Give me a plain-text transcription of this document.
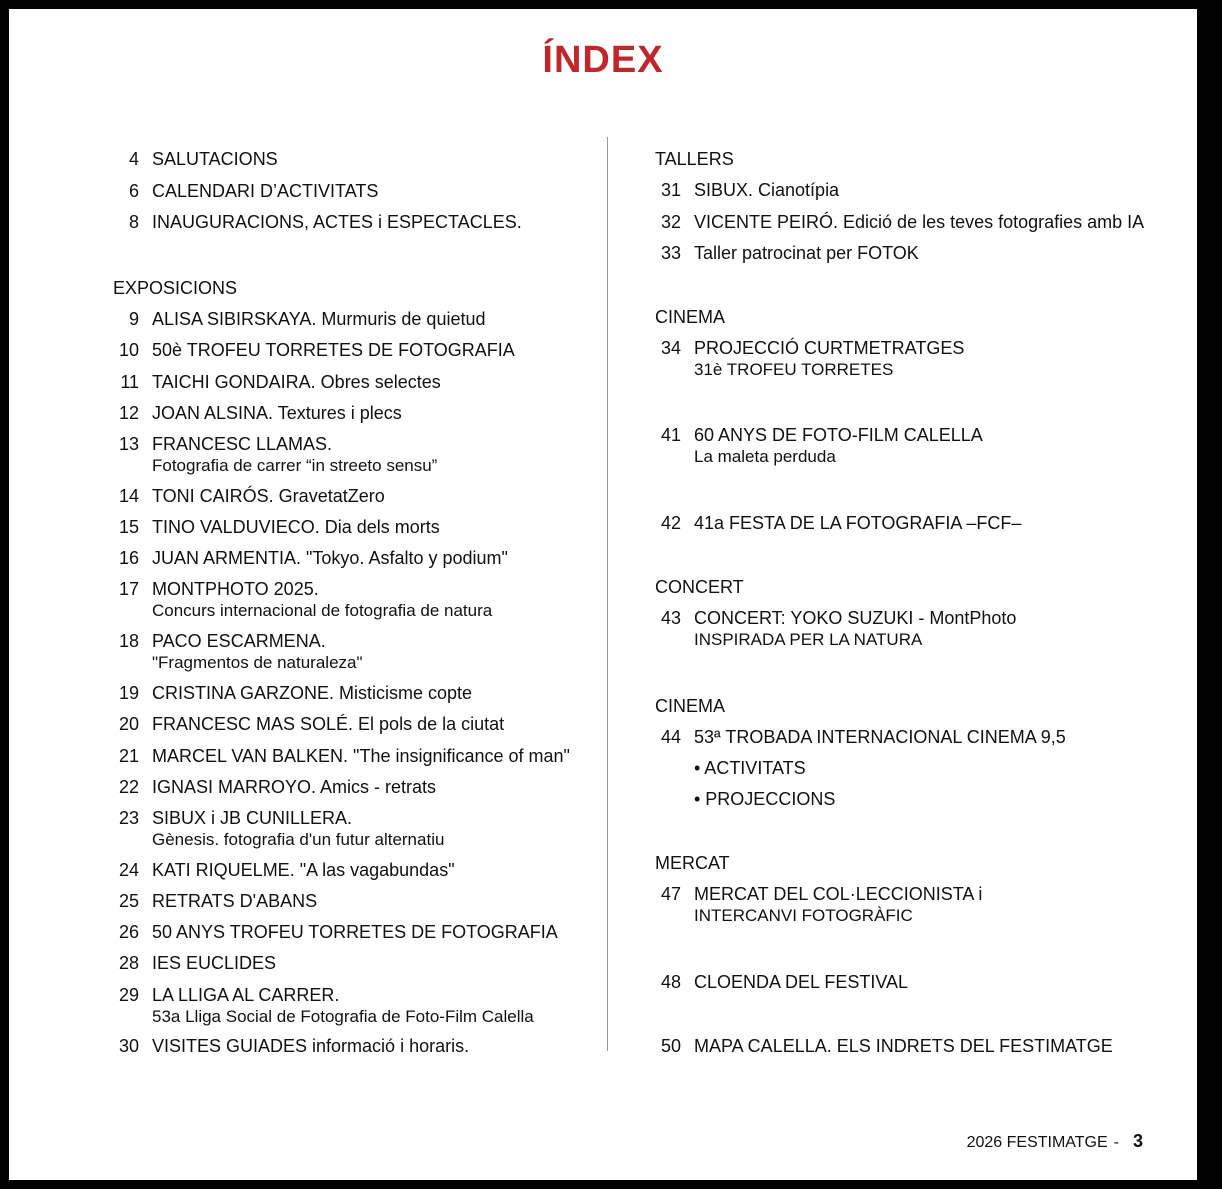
ÍNDEX
4 SALUTACIONS
6 CALENDARI D’ACTIVITATS
8 INAUGURACIONS, ACTES i ESPECTACLES.
EXPOSICIONS
9 ALISA SIBIRSKAYA. Murmuris de quietud
10 50è TROFEU TORRETES DE FOTOGRAFIA
11 TAICHI GONDAIRA. Obres selectes
12 JOAN ALSINA. Textures i plecs
13 FRANCESC LLAMAS.
Fotografia de carrer “in streeto sensu”
14 TONI CAIRÓS. GravetatZero
15 TINO VALDUVIECO. Dia dels morts
16 JUAN ARMENTIA. "Tokyo. Asfalto y podium"
17 MONTPHOTO 2025.
Concurs internacional de fotografia de natura
18 PACO ESCARMENA.
"Fragmentos de naturaleza"
19 CRISTINA GARZONE. Misticisme copte
20 FRANCESC MAS SOLÉ. El pols de la ciutat
21 MARCEL VAN BALKEN. "The insignificance of man"
22 IGNASI MARROYO. Amics - retrats
23 SIBUX i JB CUNILLERA.
Gènesis. fotografia d'un futur alternatiu
24 KATI RIQUELME. "A las vagabundas"
25 RETRATS D'ABANS
26 50 ANYS TROFEU TORRETES DE FOTOGRAFIA
28 IES EUCLIDES
29 LA LLIGA AL CARRER.
53a Lliga Social de Fotografia de Foto-Film Calella
30 VISITES GUIADES informació i horaris.
TALLERS
31 SIBUX. Cianotípia
32 VICENTE PEIRÓ. Edició de les teves fotografies amb IA
33 Taller patrocinat per FOTOK
CINEMA
34 PROJECCIÓ CURTMETRATGES
31è TROFEU TORRETES
41 60 ANYS DE FOTO-FILM CALELLA
La maleta perduda
42 41a FESTA DE LA FOTOGRAFIA –FCF–
CONCERT
43 CONCERT: YOKO SUZUKI - MontPhoto
INSPIRADA PER LA NATURA
CINEMA
44 53ª TROBADA INTERNACIONAL CINEMA 9,5
• ACTIVITATS
• PROJECCIONS
MERCAT
47 MERCAT DEL COL·LECCIONISTA i
INTERCANVI FOTOGRÀFIC
48 CLOENDA DEL FESTIVAL
50 MAPA CALELLA. ELS INDRETS DEL FESTIMATGE
2026 FESTIMATGE - 3
